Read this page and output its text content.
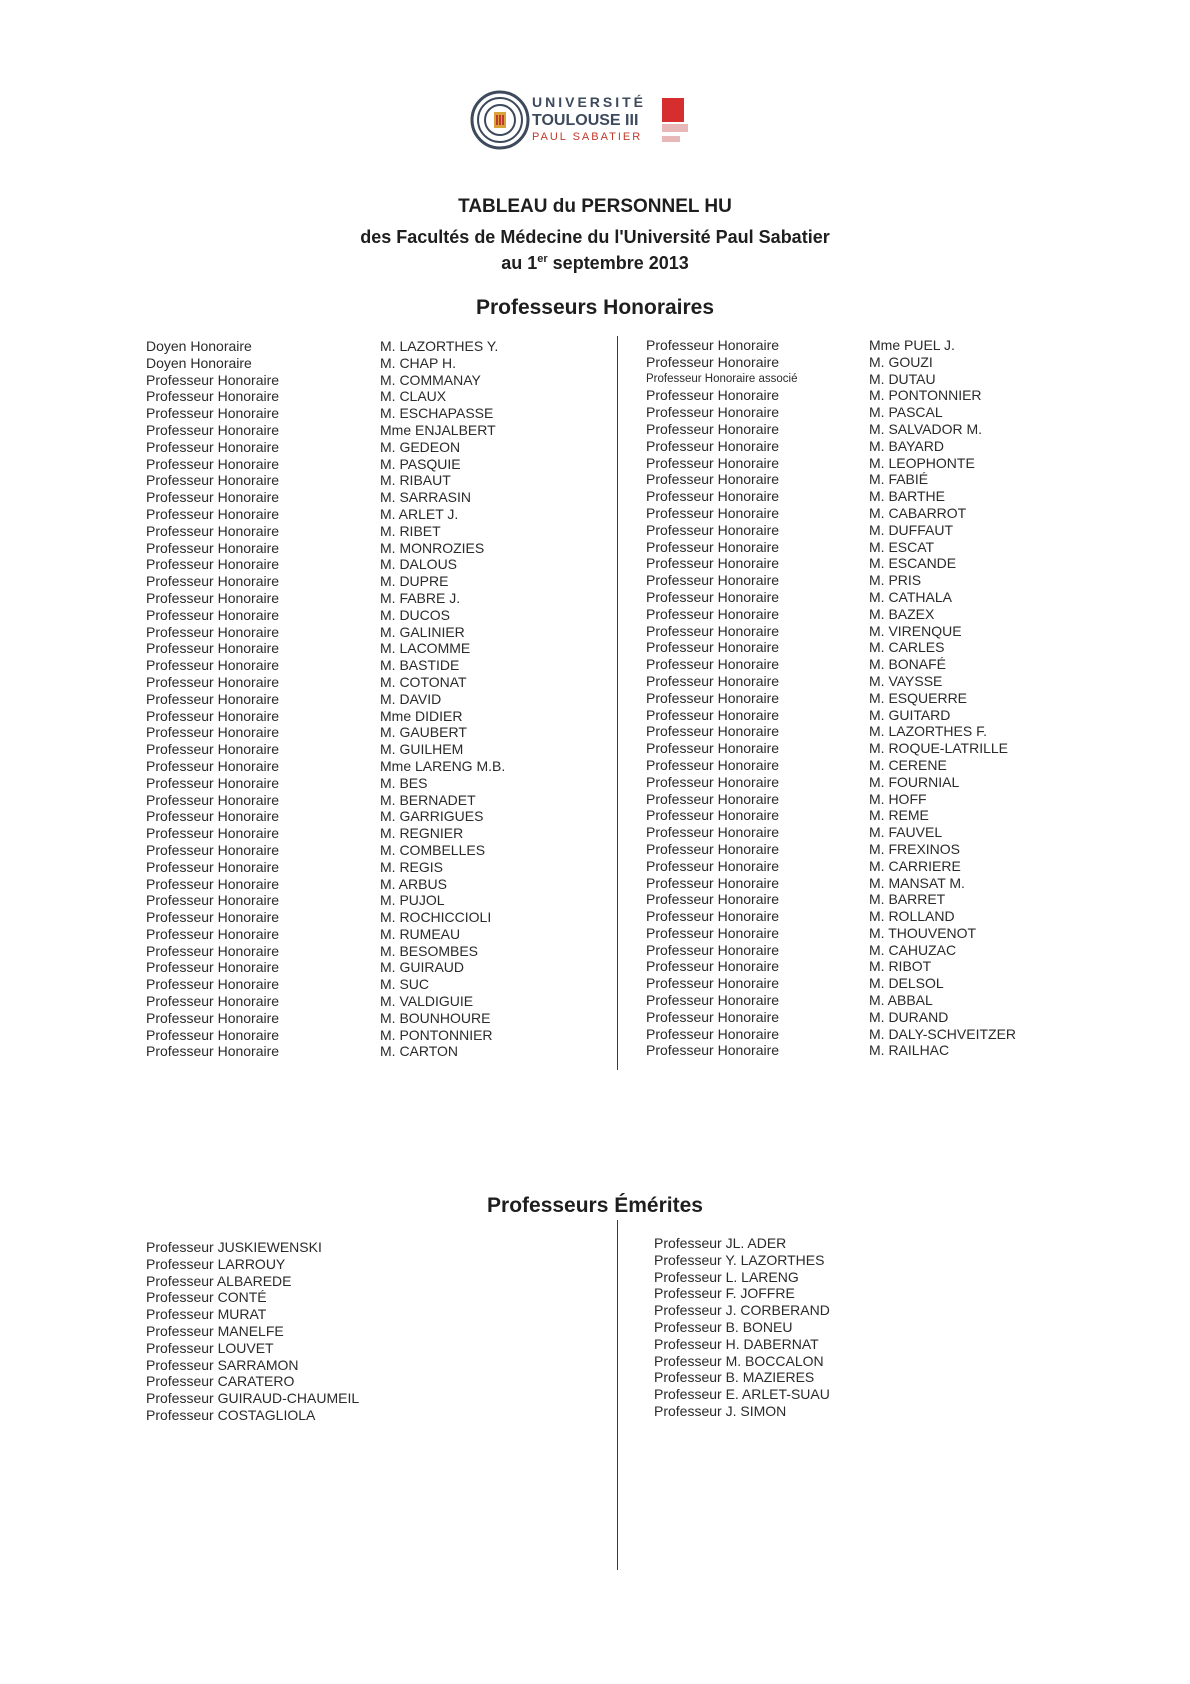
UNIVERSITÉ
TOULOUSE III
PAUL SABATIER
TABLEAU du PERSONNEL HU
des Facultés de Médecine du l'Université Paul Sabatier
au 1er septembre 2013
Professeurs Honoraires
Doyen Honoraire
Doyen Honoraire
Professeur Honoraire
Professeur Honoraire
Professeur Honoraire
Professeur Honoraire
Professeur Honoraire
Professeur Honoraire
Professeur Honoraire
Professeur Honoraire
Professeur Honoraire
Professeur Honoraire
Professeur Honoraire
Professeur Honoraire
Professeur Honoraire
Professeur Honoraire
Professeur Honoraire
Professeur Honoraire
Professeur Honoraire
Professeur Honoraire
Professeur Honoraire
Professeur Honoraire
Professeur Honoraire
Professeur Honoraire
Professeur Honoraire
Professeur Honoraire
Professeur Honoraire
Professeur Honoraire
Professeur Honoraire
Professeur Honoraire
Professeur Honoraire
Professeur Honoraire
Professeur Honoraire
Professeur Honoraire
Professeur Honoraire
Professeur Honoraire
Professeur Honoraire
Professeur Honoraire
Professeur Honoraire
Professeur Honoraire
Professeur Honoraire
Professeur Honoraire
Professeur Honoraire
M. LAZORTHES Y.
M. CHAP H.
M. COMMANAY
M. CLAUX
M. ESCHAPASSE
Mme ENJALBERT
M. GEDEON
M. PASQUIE
M. RIBAUT
M. SARRASIN
M. ARLET J.
M. RIBET
M. MONROZIES
M. DALOUS
M. DUPRE
M. FABRE J.
M. DUCOS
M. GALINIER
M. LACOMME
M. BASTIDE
M. COTONAT
M. DAVID
Mme DIDIER
M. GAUBERT
M. GUILHEM
Mme LARENG M.B.
M. BES
M. BERNADET
M. GARRIGUES
M. REGNIER
M. COMBELLES
M. REGIS
M. ARBUS
M. PUJOL
M. ROCHICCIOLI
M. RUMEAU
M. BESOMBES
M. GUIRAUD
M. SUC
M. VALDIGUIE
M. BOUNHOURE
M. PONTONNIER
M. CARTON
Professeur Honoraire
Professeur Honoraire
Professeur Honoraire associé
Professeur Honoraire
Professeur Honoraire
Professeur Honoraire
Professeur Honoraire
Professeur Honoraire
Professeur Honoraire
Professeur Honoraire
Professeur Honoraire
Professeur Honoraire
Professeur Honoraire
Professeur Honoraire
Professeur Honoraire
Professeur Honoraire
Professeur Honoraire
Professeur Honoraire
Professeur Honoraire
Professeur Honoraire
Professeur Honoraire
Professeur Honoraire
Professeur Honoraire
Professeur Honoraire
Professeur Honoraire
Professeur Honoraire
Professeur Honoraire
Professeur Honoraire
Professeur Honoraire
Professeur Honoraire
Professeur Honoraire
Professeur Honoraire
Professeur Honoraire
Professeur Honoraire
Professeur Honoraire
Professeur Honoraire
Professeur Honoraire
Professeur Honoraire
Professeur Honoraire
Professeur Honoraire
Professeur Honoraire
Professeur Honoraire
Professeur Honoraire
Mme PUEL J.
M. GOUZI
M. DUTAU
M. PONTONNIER
M. PASCAL
M. SALVADOR M.
M. BAYARD
M. LEOPHONTE
M. FABIÉ
M. BARTHE
M. CABARROT
M. DUFFAUT
M. ESCAT
M. ESCANDE
M. PRIS
M. CATHALA
M. BAZEX
M. VIRENQUE
M. CARLES
M. BONAFÉ
M. VAYSSE
M. ESQUERRE
M. GUITARD
M. LAZORTHES F.
M. ROQUE-LATRILLE
M. CERENE
M. FOURNIAL
M. HOFF
M. REME
M. FAUVEL
M. FREXINOS
M. CARRIERE
M. MANSAT M.
M. BARRET
M. ROLLAND
M. THOUVENOT
M. CAHUZAC
M. RIBOT
M. DELSOL
M. ABBAL
M. DURAND
M. DALY-SCHVEITZER
M. RAILHAC
Professeurs Émérites
Professeur JUSKIEWENSKI
Professeur LARROUY
Professeur ALBAREDE
Professeur CONTÉ
Professeur MURAT
Professeur MANELFE
Professeur LOUVET
Professeur SARRAMON
Professeur CARATERO
Professeur GUIRAUD-CHAUMEIL
Professeur COSTAGLIOLA
Professeur JL. ADER
Professeur Y. LAZORTHES
Professeur L. LARENG
Professeur F. JOFFRE
Professeur J. CORBERAND
Professeur B. BONEU
Professeur H. DABERNAT
Professeur M. BOCCALON
Professeur B. MAZIERES
Professeur E. ARLET-SUAU
Professeur J. SIMON
